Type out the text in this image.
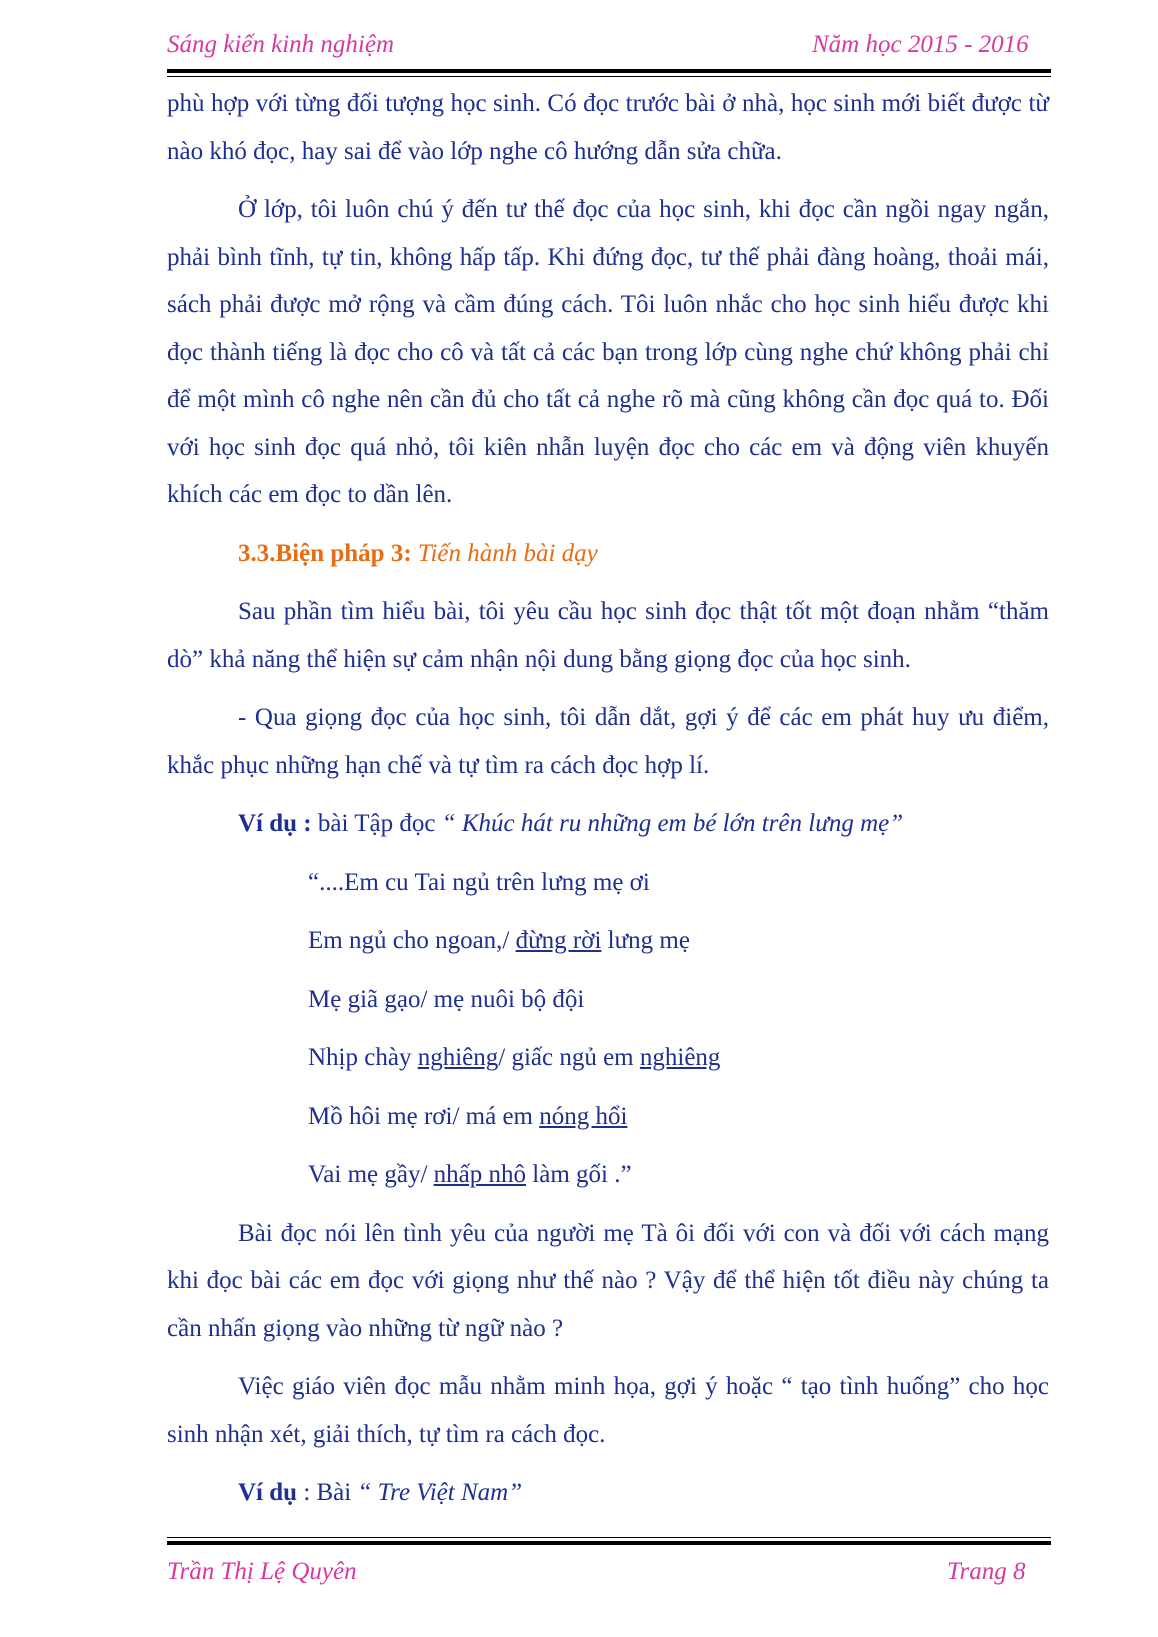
Sáng kiến kinh nghiệm	Năm học 2015 - 2016

phù hợp với từng đối tượng học sinh. Có đọc trước bài ở nhà, học sinh mới biết được từ nào khó đọc, hay sai để vào lớp nghe cô hướng dẫn sửa chữa.

Ở lớp, tôi luôn chú ý đến tư thế đọc của học sinh, khi đọc cần ngồi ngay ngắn, phải bình tĩnh, tự tin, không hấp tấp. Khi đứng đọc, tư thế phải đàng hoàng, thoải mái, sách phải được mở rộng và cầm đúng cách. Tôi luôn nhắc cho học sinh hiểu được khi đọc thành tiếng là đọc cho cô và tất cả các bạn trong lớp cùng nghe chứ không phải chỉ để một mình cô nghe nên cần đủ cho tất cả nghe rõ mà cũng không cần đọc quá to. Đối với học sinh đọc quá nhỏ, tôi kiên nhẫn luyện đọc cho các em và động viên khuyến khích các em đọc to dần lên.

3.3.Biện pháp 3: Tiến hành bài dạy

Sau phần tìm hiểu bài, tôi yêu cầu học sinh đọc thật tốt một đoạn nhằm “thăm dò” khả năng thể hiện sự cảm nhận nội dung bằng giọng đọc của học sinh.

- Qua giọng đọc của học sinh, tôi dẫn dắt, gợi ý để các em phát huy ưu điểm, khắc phục những hạn chế và tự tìm ra cách đọc hợp lí.

Ví dụ : bài Tập đọc “ Khúc hát ru những em bé lớn trên lưng mẹ”
“....Em cu Tai ngủ trên lưng mẹ ơi
Em ngủ cho ngoan,/ đừng rời lưng mẹ
Mẹ giã gạo/ mẹ nuôi bộ đội
Nhịp chày nghiêng/ giấc ngủ em nghiêng
Mồ hôi mẹ rơi/ má em nóng hổi
Vai mẹ gầy/ nhấp nhô làm gối .”

Bài đọc nói lên tình yêu của người mẹ Tà ôi đối với con và đối với cách mạng khi đọc bài các em đọc với giọng như thế nào ? Vậy để thể hiện tốt điều này chúng ta cần nhấn giọng vào những từ ngữ nào ?

Việc giáo viên đọc mẫu nhằm minh họa, gợi ý hoặc “ tạo tình huống” cho học sinh nhận xét, giải thích, tự tìm ra cách đọc.

Ví dụ : Bài “ Tre Việt Nam”
Trần Thị Lệ Quyên	Trang 8
